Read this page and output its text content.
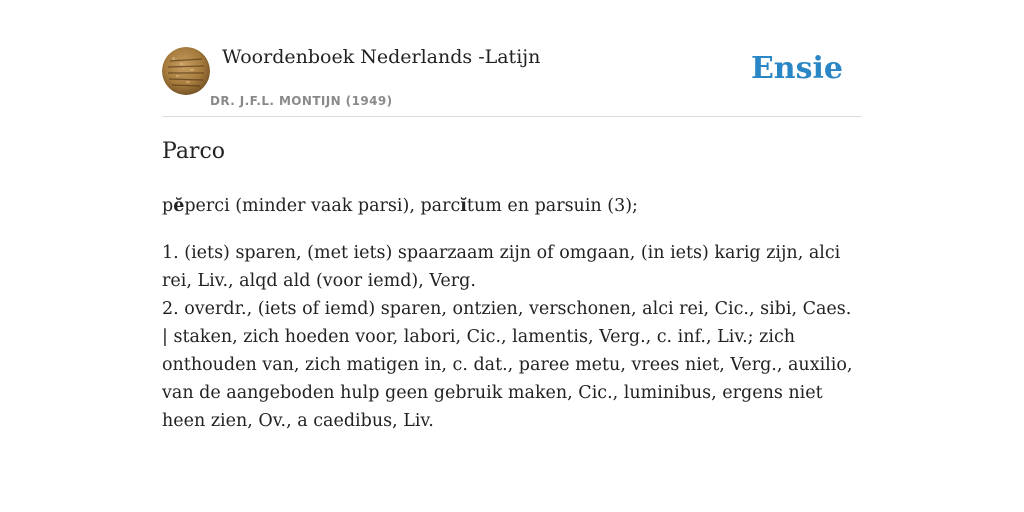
Woordenboek Nederlands -Latijn
DR. J.F.L. MONTIJN (1949)
Ensie
Parco

pĕperci (minder vaak parsi), parcĭtum en parsuin (3);

1. (iets) sparen, (met iets) spaarzaam zijn of omgaan, (in iets) karig zijn, alci rei, Liv., alqd ald (voor iemd), Verg.

2. overdr., (iets of iemd) sparen, ontzien, verschonen, alci rei, Cic., sibi, Caes. | staken, zich hoeden voor, labori, Cic., lamentis, Verg., c. inf., Liv.; zich onthouden van, zich matigen in, c. dat., paree metu, vrees niet, Verg., auxilio, van de aangeboden hulp geen gebruik maken, Cic., luminibus, ergens niet heen zien, Ov., a caedibus, Liv.
